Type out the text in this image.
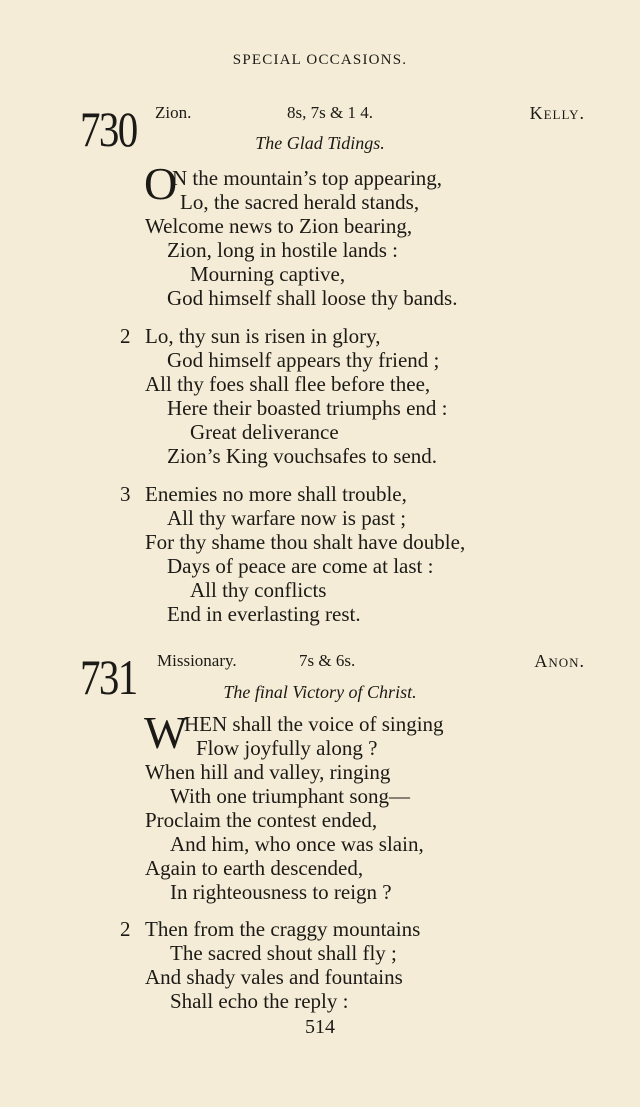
SPECIAL OCCASIONS.
730 Zion.	8s, 7s & 1 4.	Kelly.
The Glad Tidings.
O
N the mountain’s top appearing,
Lo, the sacred herald stands,
Welcome news to Zion bearing,
Zion, long in hostile lands :
Mourning captive,
God himself shall loose thy bands.
2 Lo, thy sun is risen in glory,
God himself appears thy friend ;
All thy foes shall flee before thee,
Here their boasted triumphs end :
Great deliverance
Zion’s King vouchsafes to send.
3 Enemies no more shall trouble,
All thy warfare now is past ;
For thy shame thou shalt have double,
Days of peace are come at last :
All thy conflicts
End in everlasting rest.
731 Missionary.	7s & 6s.	Anon.
The final Victory of Christ.
W
HEN shall the voice of singing
Flow joyfully along ?
When hill and valley, ringing
With one triumphant song—
Proclaim the contest ended,
And him, who once was slain,
Again to earth descended,
In righteousness to reign ?
2 Then from the craggy mountains
The sacred shout shall fly ;
And shady vales and fountains
Shall echo the reply :
514
